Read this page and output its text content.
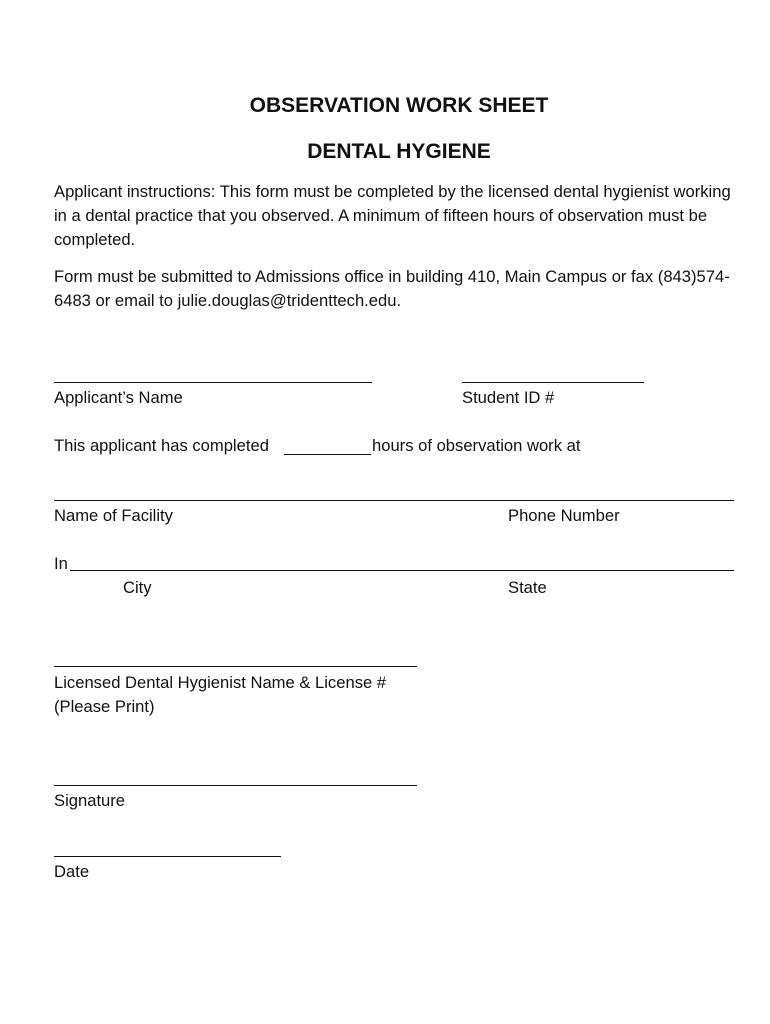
OBSERVATION WORK SHEET
DENTAL HYGIENE
Applicant instructions: This form must be completed by the licensed dental hygienist working in a dental practice that you observed. A minimum of fifteen hours of observation must be completed.
Form must be submitted to Admissions office in building 410, Main Campus or fax (843)574-6483 or email to julie.douglas@tridenttech.edu.
Applicant’s Name	Student ID #
This applicant has completed	hours of observation work at
Name of Facility	Phone Number
In
City	State
Licensed Dental Hygienist Name & License #
(Please Print)
Signature
Date
